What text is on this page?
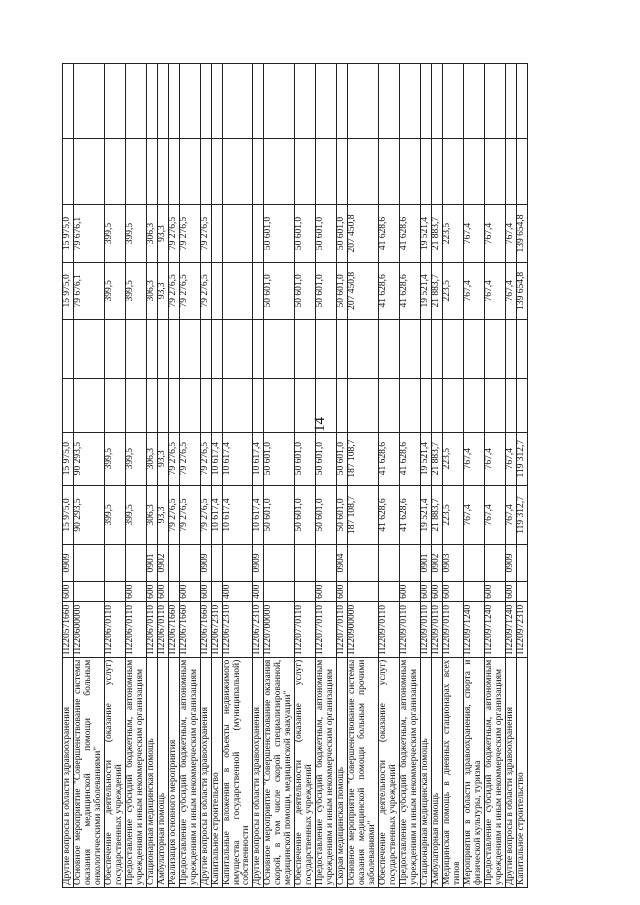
14
Другие вопросы в области здравоохранения	П220571660	600	0909	15 975,0	15 975,0			15 975,0	15 975,0		
Основное мероприятие "Совершенствование системы оказания медицинской помощи больным онкологическими заболеваниями"	П220600000			90 293,5	90 293,5			79 676,1	79 676,1		
Обеспечение деятельности (оказание услуг) государственных учреждений	П220670110			399,5	399,5			399,5	399,5		
Предоставление субсидий бюджетным, автономным учреждениям и иным некоммерческим организациям	П220670110	600		399,5	399,5			399,5	399,5		
Стационарная медицинская помощь	П220670110	600	0901	306,3	306,3			306,3	306,3		
Амбулаторная помощь	П220670110	600	0902	93,3	93,3			93,3	93,3		
Реализация основного мероприятия	П220671660			79 276,5	79 276,5			79 276,5	79 276,5		
Предоставление субсидий бюджетным, автономным учреждениям и иным некоммерческим организациям	П220671660	600		79 276,5	79 276,5			79 276,5	79 276,5		
Другие вопросы в области здравоохранения	П220671660	600	0909	79 276,5	79 276,5			79 276,5	79 276,5		
Капитальное строительство	П220672310			10 617,4	10 617,4						
Капитальные вложения в объекты недвижимого имущества государственной (муниципальной) собственности	П220672310	400		10 617,4	10 617,4						
Другие вопросы в области здравоохранения	П220672310	400	0909	10 617,4	10 617,4						
Основное мероприятие "Совершенствование оказания скорой, в том числе скорой специализированной, медицинской помощи, медицинской эвакуации"	П220700000			50 601,0	50 601,0			50 601,0	50 601,0		
Обеспечение деятельности (оказание услуг) государственных учреждений	П220770110			50 601,0	50 601,0			50 601,0	50 601,0		
Предоставление субсидий бюджетным, автономным учреждениям и иным некоммерческим организациям	П220770110	600		50 601,0	50 601,0			50 601,0	50 601,0		
Скорая медицинская помощь	П220770110	600	0904	50 601,0	50 601,0			50 601,0	50 601,0		
Основное мероприятие "Совершенствование системы оказания медицинской помощи больным прочими заболеваниями"	П220900000			187 108,7	187 108,7			207 450,8	207 450,8		
Обеспечение деятельности (оказание услуг) государственных учреждений	П220970110			41 628,6	41 628,6			41 628,6	41 628,6		
Предоставление субсидий бюджетным, автономным учреждениям и иным некоммерческим организациям	П220970110	600		41 628,6	41 628,6			41 628,6	41 628,6		
Стационарная медицинская помощь	П220970110	600	0901	19 521,4	19 521,4			19 521,4	19 521,4		
Амбулаторная помощь	П220970110	600	0902	21 883,7	21 883,7			21 883,7	21 883,7		
Медицинская помощь в дневных стационарах всех типов	П220970110	600	0903	223,5	223,5			223,5	223,5		
Мероприятия в области здравоохранения, спорта и физической культуры, туризма	П220971240			767,4	767,4			767,4	767,4		
Предоставление субсидий бюджетным, автономным учреждениям и иным некоммерческим организациям	П220971240	600		767,4	767,4			767,4	767,4		
Другие вопросы в области здравоохранения	П220971240	600	0909	767,4	767,4			767,4	767,4		
Капитальное строительство	П220972310			119 312,7	119 312,7			139 654,8	139 654,8		
